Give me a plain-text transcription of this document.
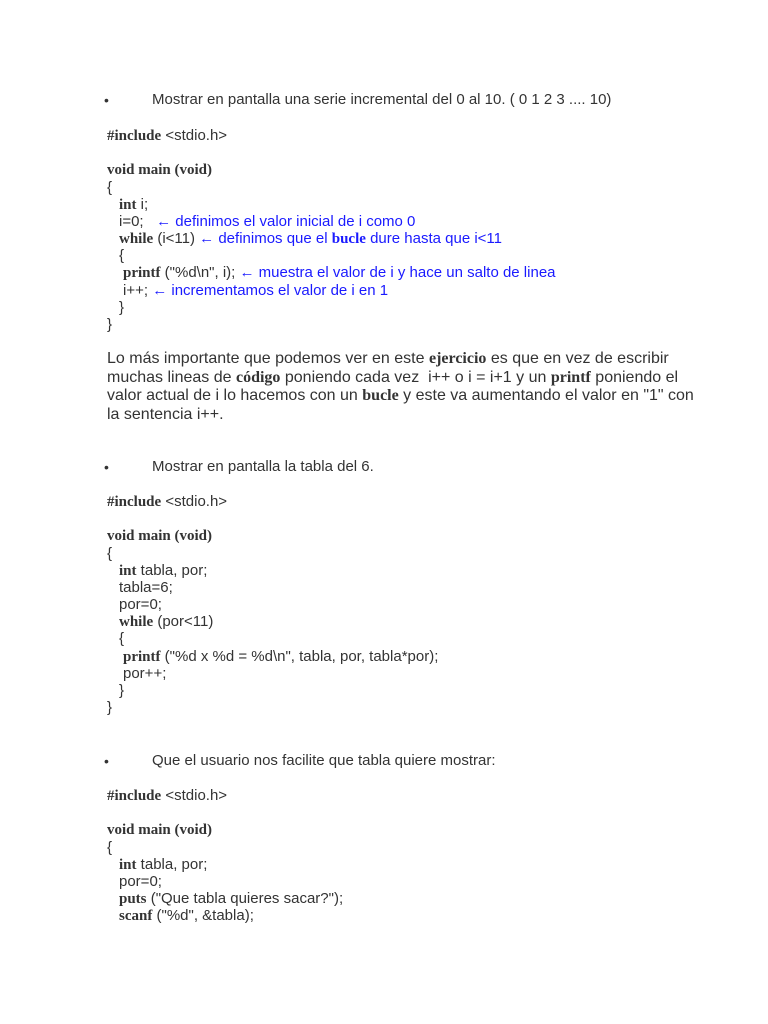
•	Mostrar en pantalla una serie incremental del 0 al 10. ( 0 1 2 3 .... 10)
#include <stdio.h>
void main (void)
{
int i;
i=0; ← definimos el valor inicial de i como 0
while (i<11) ← definimos que el bucle dure hasta que i<11
{
printf ("%d\n", i); ← muestra el valor de i y hace un salto de linea
i++; ← incrementamos el valor de i en 1
}
}
Lo más importante que podemos ver en este ejercicio es que en vez de escribir
muchas lineas de código poniendo cada vez  i++ o i = i+1 y un printf poniendo el
valor actual de i lo hacemos con un bucle y este va aumentando el valor en "1" con
la sentencia i++.
•	Mostrar en pantalla la tabla del 6.
#include <stdio.h>
void main (void)
{
int tabla, por;
tabla=6;
por=0;
while (por<11)
{
printf ("%d x %d = %d\n", tabla, por, tabla*por);
por++;
}
}
•	Que el usuario nos facilite que tabla quiere mostrar:
#include <stdio.h>
void main (void)
{
int tabla, por;
por=0;
puts ("Que tabla quieres sacar?");
scanf ("%d", &tabla);
